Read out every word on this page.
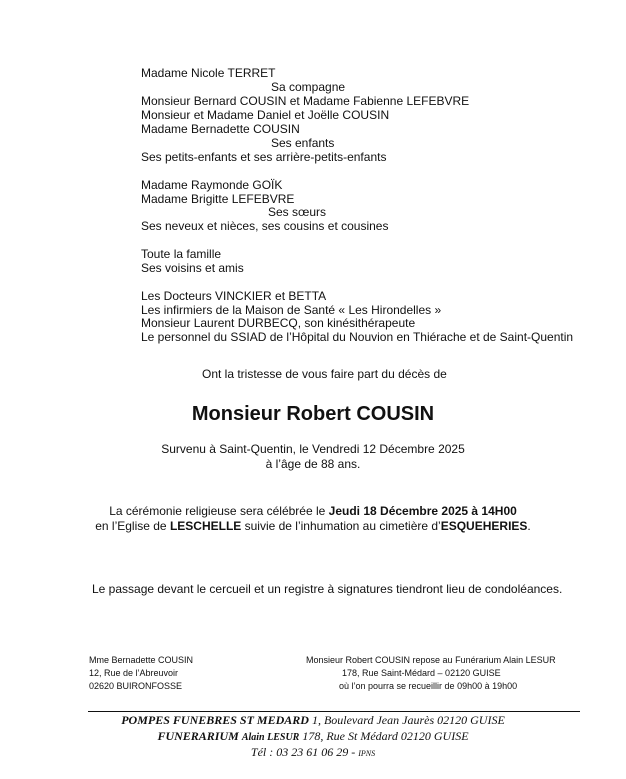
Madame Nicole TERRET
Sa compagne
Monsieur Bernard COUSIN et Madame Fabienne LEFEBVRE
Monsieur et Madame Daniel et Joëlle COUSIN
Madame Bernadette COUSIN
Ses enfants
Ses petits-enfants et ses arrière-petits-enfants
Madame Raymonde GOÏK
Madame Brigitte LEFEBVRE
Ses sœurs
Ses neveux et nièces, ses cousins et cousines
Toute la famille
Ses voisins et amis
Les Docteurs VINCKIER et BETTA
Les infirmiers de la Maison de Santé « Les Hirondelles »
Monsieur Laurent DURBECQ, son kinésithérapeute
Le personnel du SSIAD de l’Hôpital du Nouvion en Thiérache et de Saint-Quentin
Ont la tristesse de vous faire part du décès de
Monsieur Robert COUSIN
Survenu à Saint-Quentin, le Vendredi 12 Décembre 2025
à l’âge de 88 ans.
La cérémonie religieuse sera célébrée le Jeudi 18 Décembre 2025 à 14H00
en l’Eglise de LESCHELLE suivie de l’inhumation au cimetière d’ESQUEHERIES.
Le passage devant le cercueil et un registre à signatures tiendront lieu de condoléances.
Mme Bernadette COUSIN
12, Rue de l’Abreuvoir
02620 BUIRONFOSSE
Monsieur Robert COUSIN repose au Funérarium Alain LESUR
178, Rue Saint-Médard – 02120 GUISE
où l’on pourra se recueillir de 09h00 à 19h00
POMPES FUNEBRES ST MEDARD 1, Boulevard Jean Jaurès 02120 GUISE
FUNERARIUM Alain LESUR 178, Rue St Médard 02120 GUISE
Tél : 03 23 61 06 29 - IPNS
